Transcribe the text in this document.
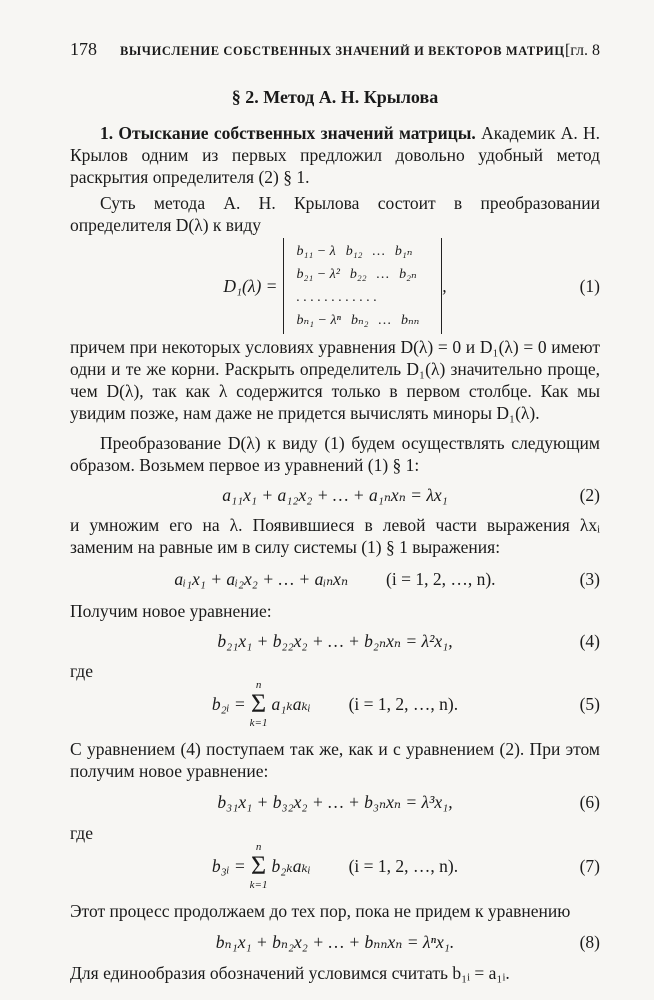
178	ВЫЧИСЛЕНИЕ СОБСТВЕННЫХ ЗНАЧЕНИЙ И ВЕКТОРОВ МАТРИЦ [гл. 8
§ 2. Метод А. Н. Крылова

1. Отыскание собственных значений матрицы. Академик А. Н. Крылов одним из первых предложил довольно удобный метод раскрытия определителя (2) § 1.

Суть метода А. Н. Крылова состоит в преобразовании определителя D(λ) к виду

D₁(λ) =
b₁₁ − λ b₁₂ … b₁ₙ
b₂₁ − λ² b₂₂ … b₂ₙ
. . . . . . . . . . . .
bₙ₁ − λⁿ bₙ₂ … bₙₙ
,	(1)

причем при некоторых условиях уравнения D(λ) = 0 и D₁(λ) = 0 имеют одни и те же корни. Раскрыть определитель D₁(λ) значительно проще, чем D(λ), так как λ содержится только в первом столбце. Как мы увидим позже, нам даже не придется вычислять миноры D₁(λ).

Преобразование D(λ) к виду (1) будем осуществлять следующим образом. Возьмем первое из уравнений (1) § 1:

a₁₁x₁ + a₁₂x₂ + … + a₁ₙxₙ = λx₁	(2)

и умножим его на λ. Появившиеся в левой части выражения λxᵢ заменим на равные им в силу системы (1) § 1 выражения:

aᵢ₁x₁ + aᵢ₂x₂ + … + aᵢₙxₙ (i = 1, 2, …, n).	(3)

Получим новое уравнение:

b₂₁x₁ + b₂₂x₂ + … + b₂ₙxₙ = λ²x₁,	(4)

где

b₂ᵢ =
n
Σ
k=1
a₁ₖaₖᵢ (i = 1, 2, …, n).	(5)

С уравнением (4) поступаем так же, как и с уравнением (2). При этом получим новое уравнение:

b₃₁x₁ + b₃₂x₂ + … + b₃ₙxₙ = λ³x₁,	(6)

где

b₃ᵢ =
n
Σ
k=1
b₂ₖaₖᵢ (i = 1, 2, …, n).	(7)

Этот процесс продолжаем до тех пор, пока не придем к уравнению

bₙ₁x₁ + bₙ₂x₂ + … + bₙₙxₙ = λⁿx₁.	(8)

Для единообразия обозначений условимся считать b₁ᵢ = a₁ᵢ.
